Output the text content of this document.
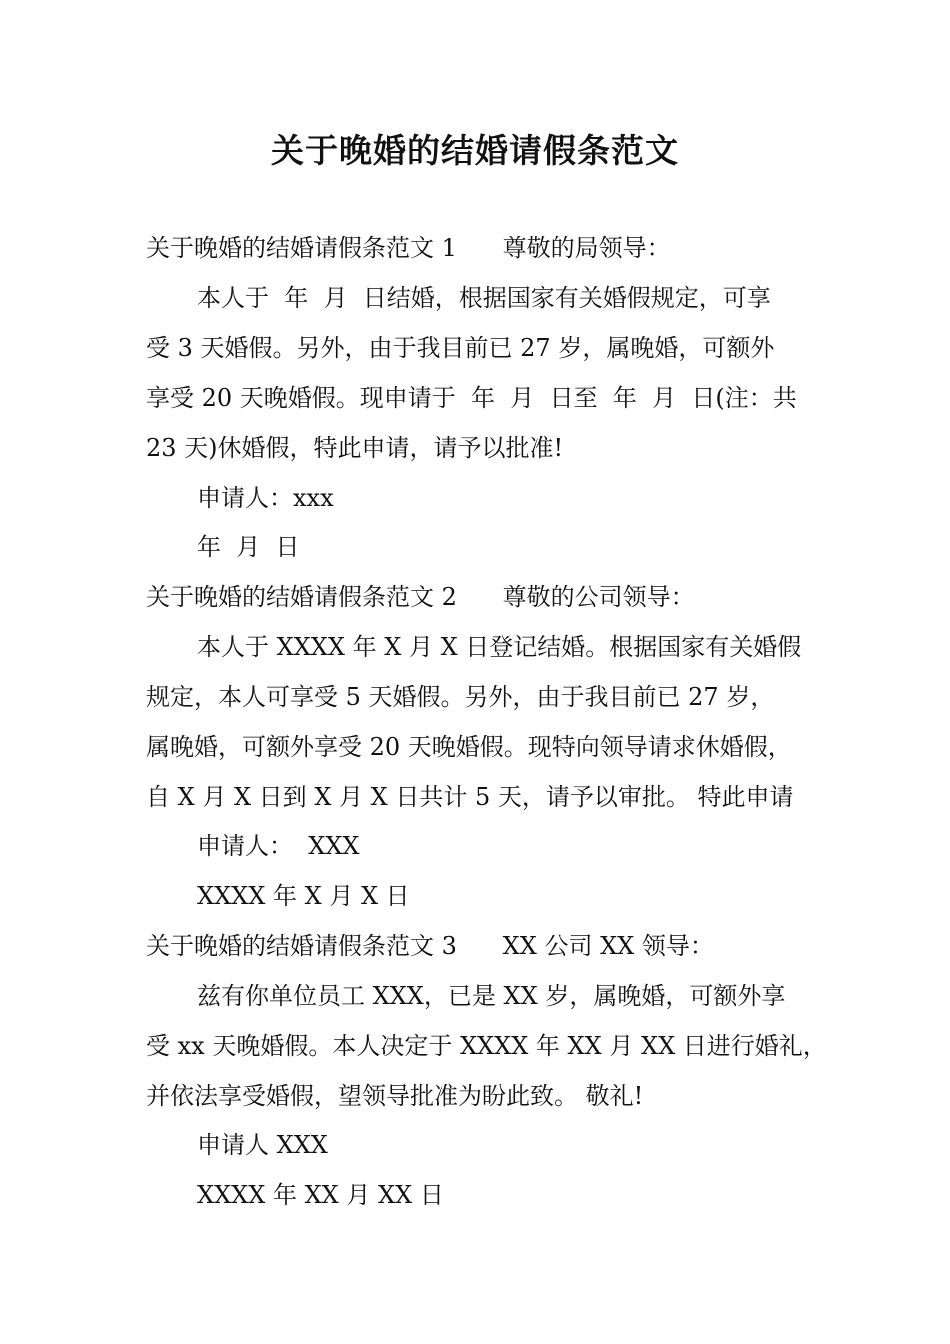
关于晚婚的结婚请假条范文
关于晚婚的结婚请假条范文 1      尊敬的局领导：
本人于  年  月  日结婚，根据国家有关婚假规定，可享
受 3 天婚假。另外，由于我目前已 27 岁，属晚婚，可额外
享受 20 天晚婚假。现申请于  年  月  日至  年  月  日(注：共
23 天)休婚假，特此申请，请予以批准!
申请人：xxx
年  月  日
关于晚婚的结婚请假条范文 2      尊敬的公司领导：
本人于 XXXX 年 X 月 X 日登记结婚。根据国家有关婚假
规定，本人可享受 5 天婚假。另外，由于我目前已 27 岁，
属晚婚，可额外享受 20 天晚婚假。现特向领导请求休婚假，
自 X 月 X 日到 X 月 X 日共计 5 天，请予以审批。 特此申请
申请人：  XXX
XXXX 年 X 月 X 日
关于晚婚的结婚请假条范文 3      XX 公司 XX 领导：
兹有你单位员工 XXX，已是 XX 岁，属晚婚，可额外享
受 xx 天晚婚假。本人决定于 XXXX 年 XX 月 XX 日进行婚礼，
并依法享受婚假，望领导批准为盼此致。 敬礼!
申请人 XXX
XXXX 年 XX 月 XX 日
